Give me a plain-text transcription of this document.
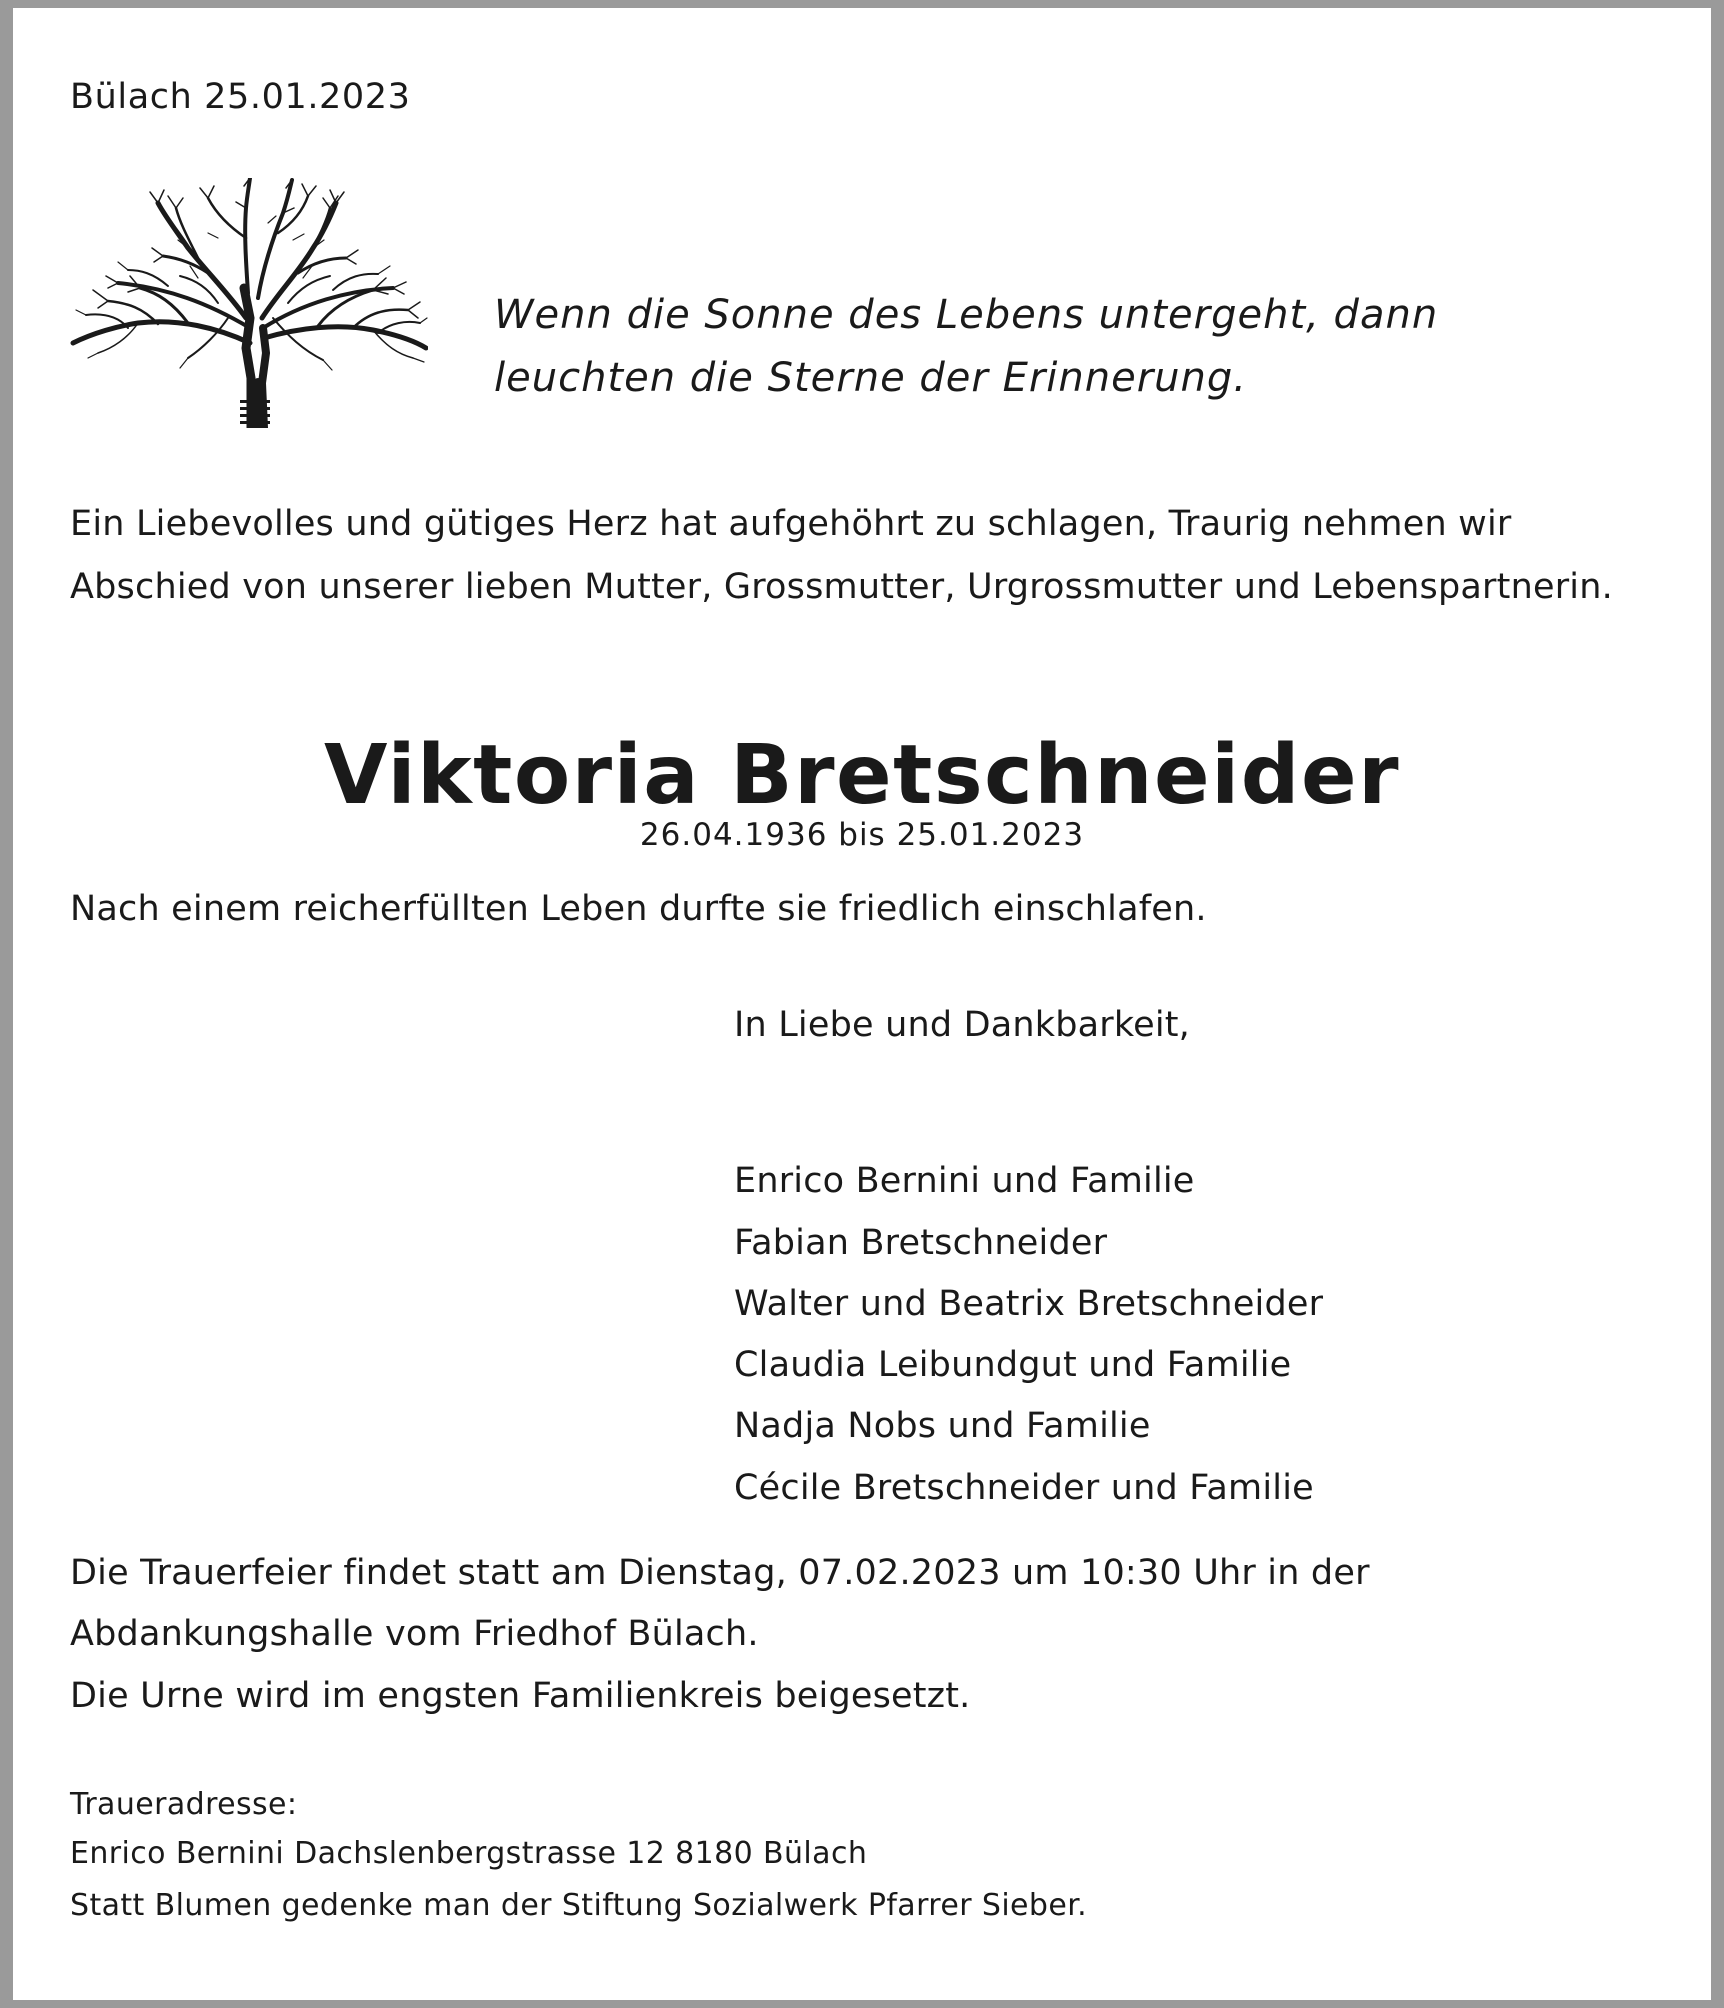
Bülach 25.01.2023

Wenn die Sonne des Lebens untergeht, dann

leuchten die Sterne der Erinnerung.

Ein Liebevolles und gütiges Herz hat aufgehöhrt zu schlagen, Traurig nehmen wir

Abschied von unserer lieben Mutter, Grossmutter, Urgrossmutter und Lebenspartnerin.

Viktoria Bretschneider

26.04.1936 bis 25.01.2023

Nach einem reicherfüllten Leben durfte sie friedlich einschlafen.

In Liebe und Dankbarkeit,

Enrico Bernini und Familie

Fabian Bretschneider

Walter und Beatrix Bretschneider

Claudia Leibundgut und Familie

Nadja Nobs und Familie

Cécile Bretschneider und Familie

Die Trauerfeier findet statt am Dienstag, 07.02.2023 um 10:30 Uhr in der

Abdankungshalle vom Friedhof Bülach.

Die Urne wird im engsten Familienkreis beigesetzt.

Traueradresse:

Enrico Bernini Dachslenbergstrasse 12 8180 Bülach

Statt Blumen gedenke man der Stiftung Sozialwerk Pfarrer Sieber.
